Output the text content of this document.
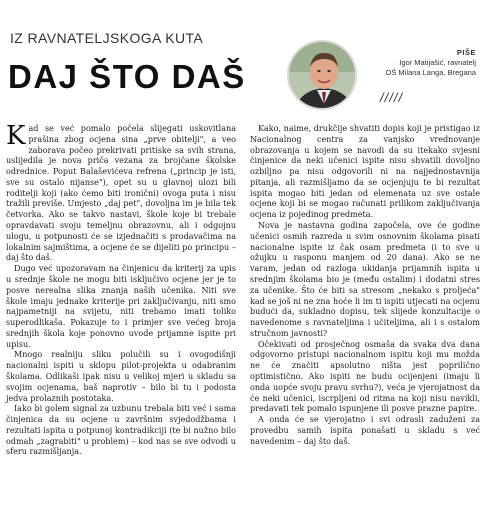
IZ RAVNATELJSKOGA KUTA
DAJ ŠTO DAŠ
PIŠE
Igor Matijašić, ravnatelj
OŠ Milana Langa, Bregana
/////

Kad se već pomalo počela slijegati uskovitlana prašina zbog ocjena sina „prve obitelji", a veo zaborava počeo prekrivati pritiske sa svih strana, uslijedila je nova priča vezana za brojčane školske odrednice. Poput Balaševićeva refrena („princip je isti, sve su ostalo nijanse"), opet su u glavnoj ulozi bili roditelji koji (ako ćemo biti ironični) ovoga puta i nisu tražili previše. Umjesto „daj pet", dovoljna im je bila tek četvorka. Ako se takvo nastavi, škole koje bi trebale opravdavati svoju temeljnu obrazovnu, ali i odgojnu ulogu, u potpunosti će se izjednačiti s prodavačima na lokalnim sajmištima, a ocjene će se dijeliti po principu – daj što daš.

Dugo već upozoravam na činjenicu da kriterij za upis u srednje škole ne mogu biti isključivo ocjene jer je to posve nerealna slika znanja naših učenika. Niti sve škole imaju jednake kriterije pri zaključivanju, niti smo najpametniji na svijetu, niti trebamo imati toliko superodlikaša. Pokazuje to i primjer sve većeg broja srednjih škola koje ponovno uvode prijamne ispite pri upisu.

Mnogo realniju sliku polučili su i ovogodišnji nacionalni ispiti u sklopu pilot-projekta u odabranim školama. Odlikaši ipak nisu u velikoj mjeri u skladu sa svojim ocjenama, baš naprotiv – bilo bi tu i podosta jedva prolaznih postotaka.

Iako bi golem signal za uzbunu trebala biti već i sama činjenica da su ocjene u završnim svjedodžbama i rezultati ispita u potpunoj kontradikciji (te bi nužno bilo odmah „zagrabiti" u problem) – kod nas se sve odvodi u sferu razmišljanja.

Kako, naime, drukčije shvatiti dopis koji je pristigao iz Nacionalnog centra za vanjsko vrednovanje obrazovanja u kojem se navodi da su itekako svjesni činjenice da neki učenici ispite nisu shvatili dovoljno ozbiljno pa nisu odgovorili ni na najjednostavnija pitanja, ali razmišljamo da se ocjenjuju te bi rezultat ispita mogao biti jedan od elemenata uz sve ostale ocjene koji bi se mogao računati prilikom zaključivanja ocjena iz pojedinog predmeta.

Nova je nastavna godina započela, ove će godine učenici osmih razreda u svim osnovnim školama pisati nacionalne ispite iz čak osam predmeta (i to sve u ožujku u rasponu manjem od 20 dana). Ako se ne varam, jedan od razloga ukidanja prijamnih ispita u srednjim školama bio je (među ostalim) i dodatni stres za učenike. Što će biti sa stresom „nekako s proljeća" kad se još ni ne zna hoće li im ti ispiti utjecati na ocjenu budući da, sukladno dopisu, tek slijede konzultacije o navedenome s ravnateljima i učiteljima, ali i s ostalom stručnom javnosti?

Očekivati od prosječnog osmaša da svaka dva dana odgovorno pristupi nacionalnom ispitu koji mu možda ne će značiti apsolutno ništa jest poprilično optimistično. Ako ispiti ne budu ocijenjeni (imaju li onda uopće svoju pravu svrhu?), veća je vjerojatnost da će neki učenici, iscrpljeni od ritma na koji nisu navikli, predavati tek pomalo ispunjene ili posve prazne papire.

A onda će se vjerojatno i svi odrasli zaduženi za provedbu samih ispita ponašati u skladu s već navedenim – daj što daš.
